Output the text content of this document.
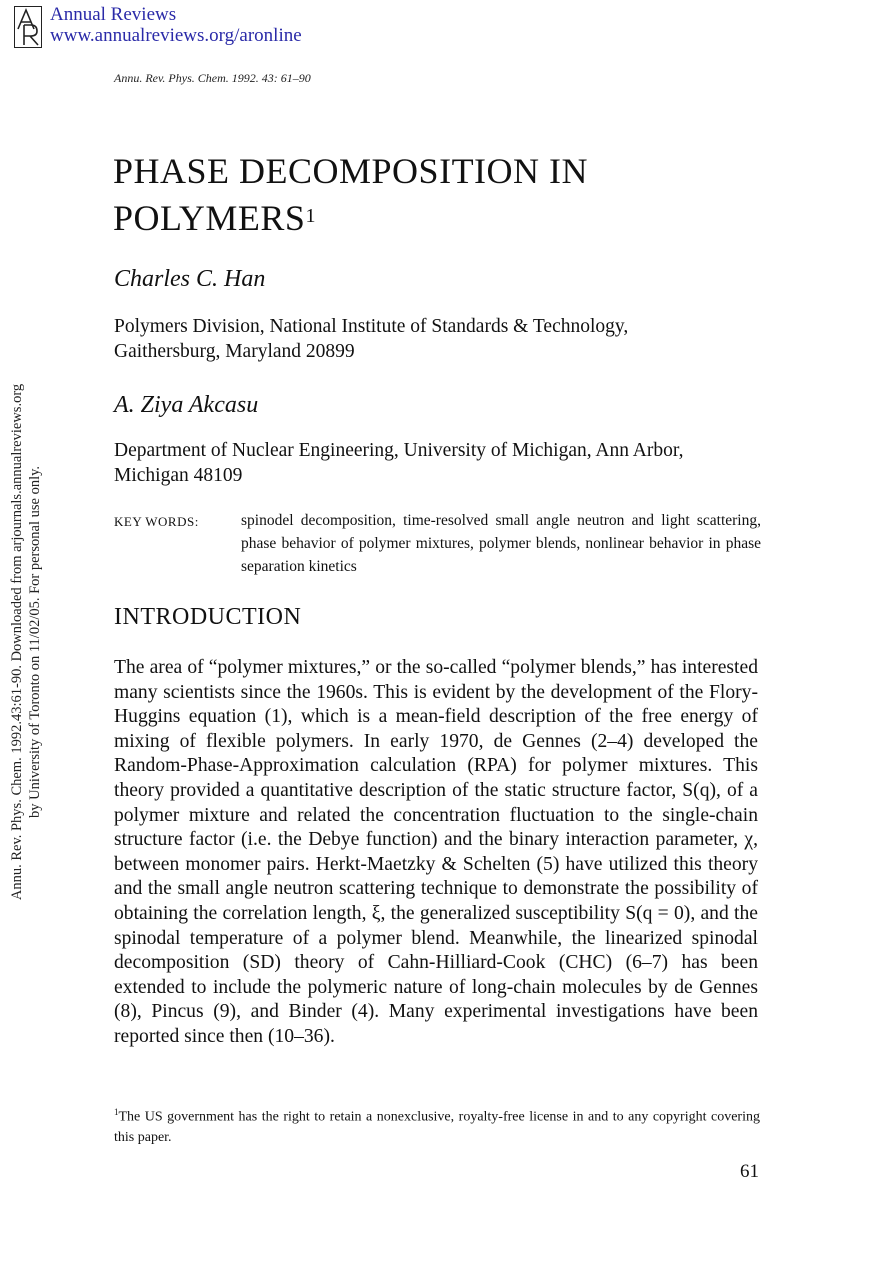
Annual Reviews
www.annualreviews.org/aronline
Annu. Rev. Phys. Chem. 1992.43:61-90. Downloaded from arjournals.annualreviews.org by University of Toronto on 11/02/05. For personal use only.
Annu. Rev. Phys. Chem. 1992. 43: 61–90
PHASE DECOMPOSITION IN
POLYMERS$^1$
Charles C. Han
Polymers Division, National Institute of Standards & Technology,
Gaithersburg, Maryland 20899
A. Ziya Akcasu
Department of Nuclear Engineering, University of Michigan, Ann Arbor,
Michigan 48109
KEY WORDS:	spinodel decomposition, time-resolved small angle neutron and light scattering, phase behavior of polymer mixtures, polymer blends, nonlinear behavior in phase separation kinetics
INTRODUCTION

The area of “polymer mixtures,” or the so-called “polymer blends,” has interested many scientists since the 1960s. This is evident by the development of the Flory-Huggins equation (1), which is a mean-field description of the free energy of mixing of flexible polymers. In early 1970, de Gennes (2–4) developed the Random-Phase-Approximation calculation (RPA) for polymer mixtures. This theory provided a quantitative description of the static structure factor, S(q), of a polymer mixture and related the concentration fluctuation to the single-chain structure factor (i.e. the Debye function) and the binary interaction parameter, χ, between monomer pairs. Herkt-Maetzky & Schelten (5) have utilized this theory and the small angle neutron scattering technique to demonstrate the possibility of obtaining the correlation length, ξ, the generalized susceptibility S(q = 0), and the spinodal temperature of a polymer blend. Meanwhile, the linearized spinodal decomposition (SD) theory of Cahn-Hilliard-Cook (CHC) (6–7) has been extended to include the polymeric nature of long-chain molecules by de Gennes (8), Pincus (9), and Binder (4). Many experimental investigations have been reported since then (10–36).

$^1$The US government has the right to retain a nonexclusive, royalty-free license in and to any copyright covering this paper.
61
